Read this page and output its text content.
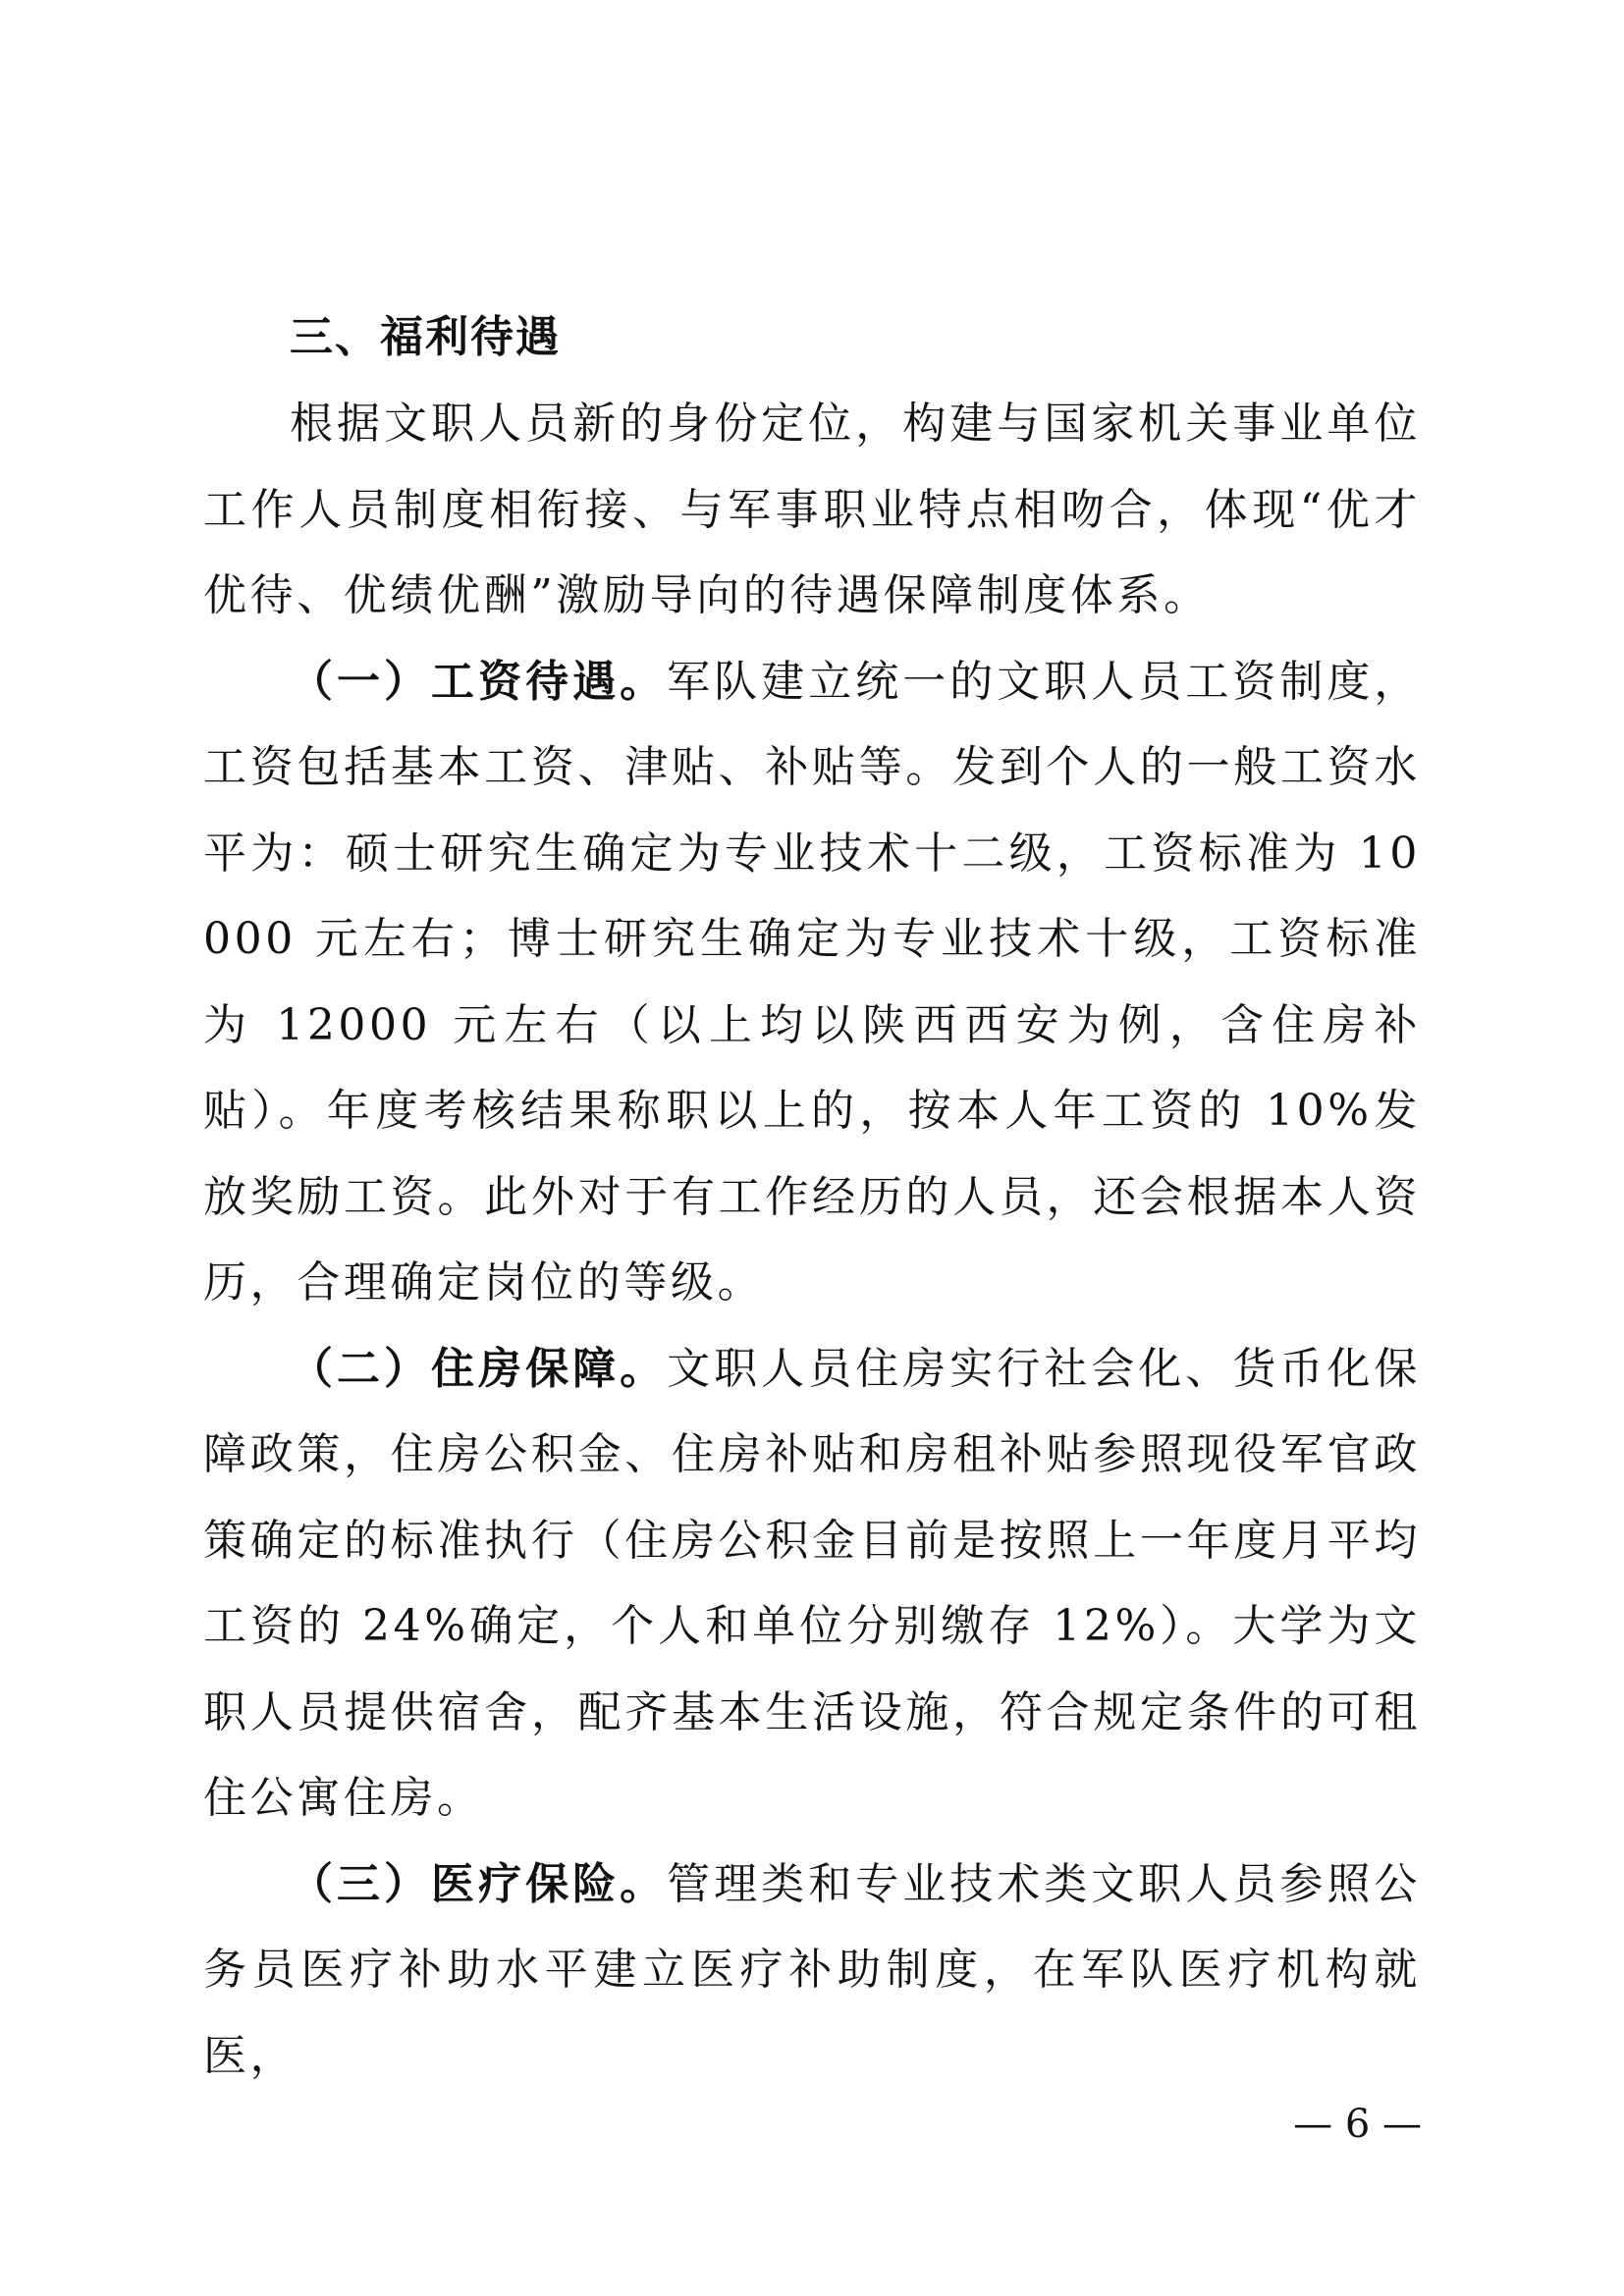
三、福利待遇

根据文职人员新的身份定位，构建与国家机关事业单位工作人员制度相衔接、与军事职业特点相吻合，体现“优才优待、优绩优酬”激励导向的待遇保障制度体系。

（一）工资待遇。军队建立统一的文职人员工资制度，工资包括基本工资、津贴、补贴等。发到个人的一般工资水平为：硕士研究生确定为专业技术十二级，工资标准为 10000 元左右；博士研究生确定为专业技术十级，工资标准为 12000 元左右（以上均以陕西西安为例，含住房补贴）。年度考核结果称职以上的，按本人年工资的 10%发放奖励工资。此外对于有工作经历的人员，还会根据本人资历，合理确定岗位的等级。

（二）住房保障。文职人员住房实行社会化、货币化保障政策，住房公积金、住房补贴和房租补贴参照现役军官政策确定的标准执行（住房公积金目前是按照上一年度月平均工资的 24%确定，个人和单位分别缴存 12%）。大学为文职人员提供宿舍，配齐基本生活设施，符合规定条件的可租住公寓住房。

（三）医疗保险。管理类和专业技术类文职人员参照公务员医疗补助水平建立医疗补助制度，在军队医疗机构就医，

— 6 —
